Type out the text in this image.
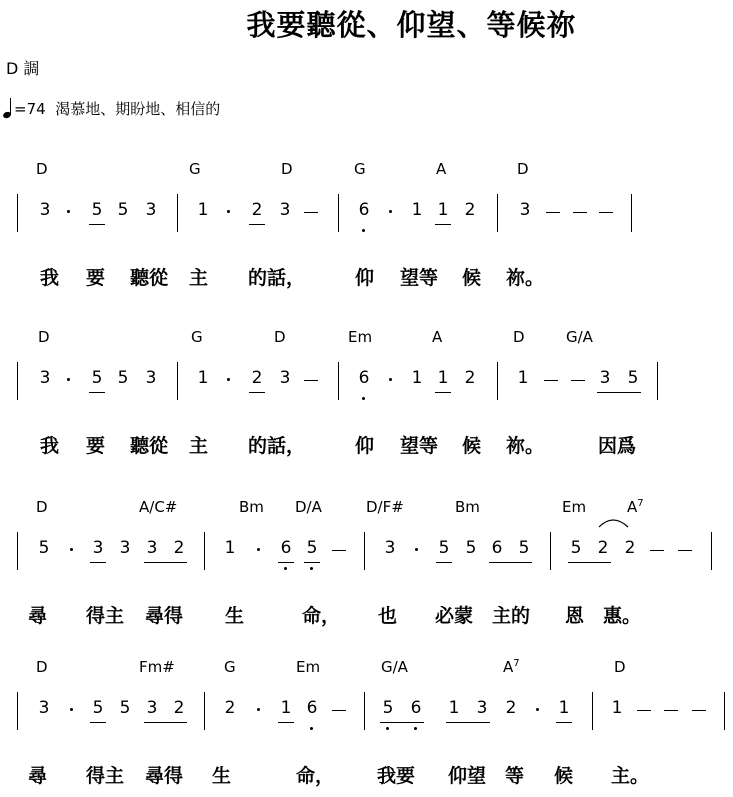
我要聽從、仰望、等候祢
D 調
=74 渴慕地、期盼地、相信的
D	G	D	G	A	D
3 5 5 3 1	2 3	6 1 1 2	3
我 要 聽從 主 的話，	仰 望等 候 祢。
D	G	D	Em	A	D	G/A
3 5 5 3 1	2 3	6 1 1 2 1	3 5
我 要 聽從 主 的話，	仰 望等 候 祢。	因爲
D	A/C#	Bm D/A	D/F#	Bm	Em	$A^7$
5	3 3 3 2 1	6 5	3	5 5 6 5 5 2 2
尋 得主 尋得 生	命， 也 必蒙 主的 恩 惠。
D	Fm#	G	Em	G/A	$A^7$	D
3	5 5 3 2 2	1 6	5 6 1 3 2 1 1
尋 得主 尋得 生	命， 我要 仰望 等 候 主。
